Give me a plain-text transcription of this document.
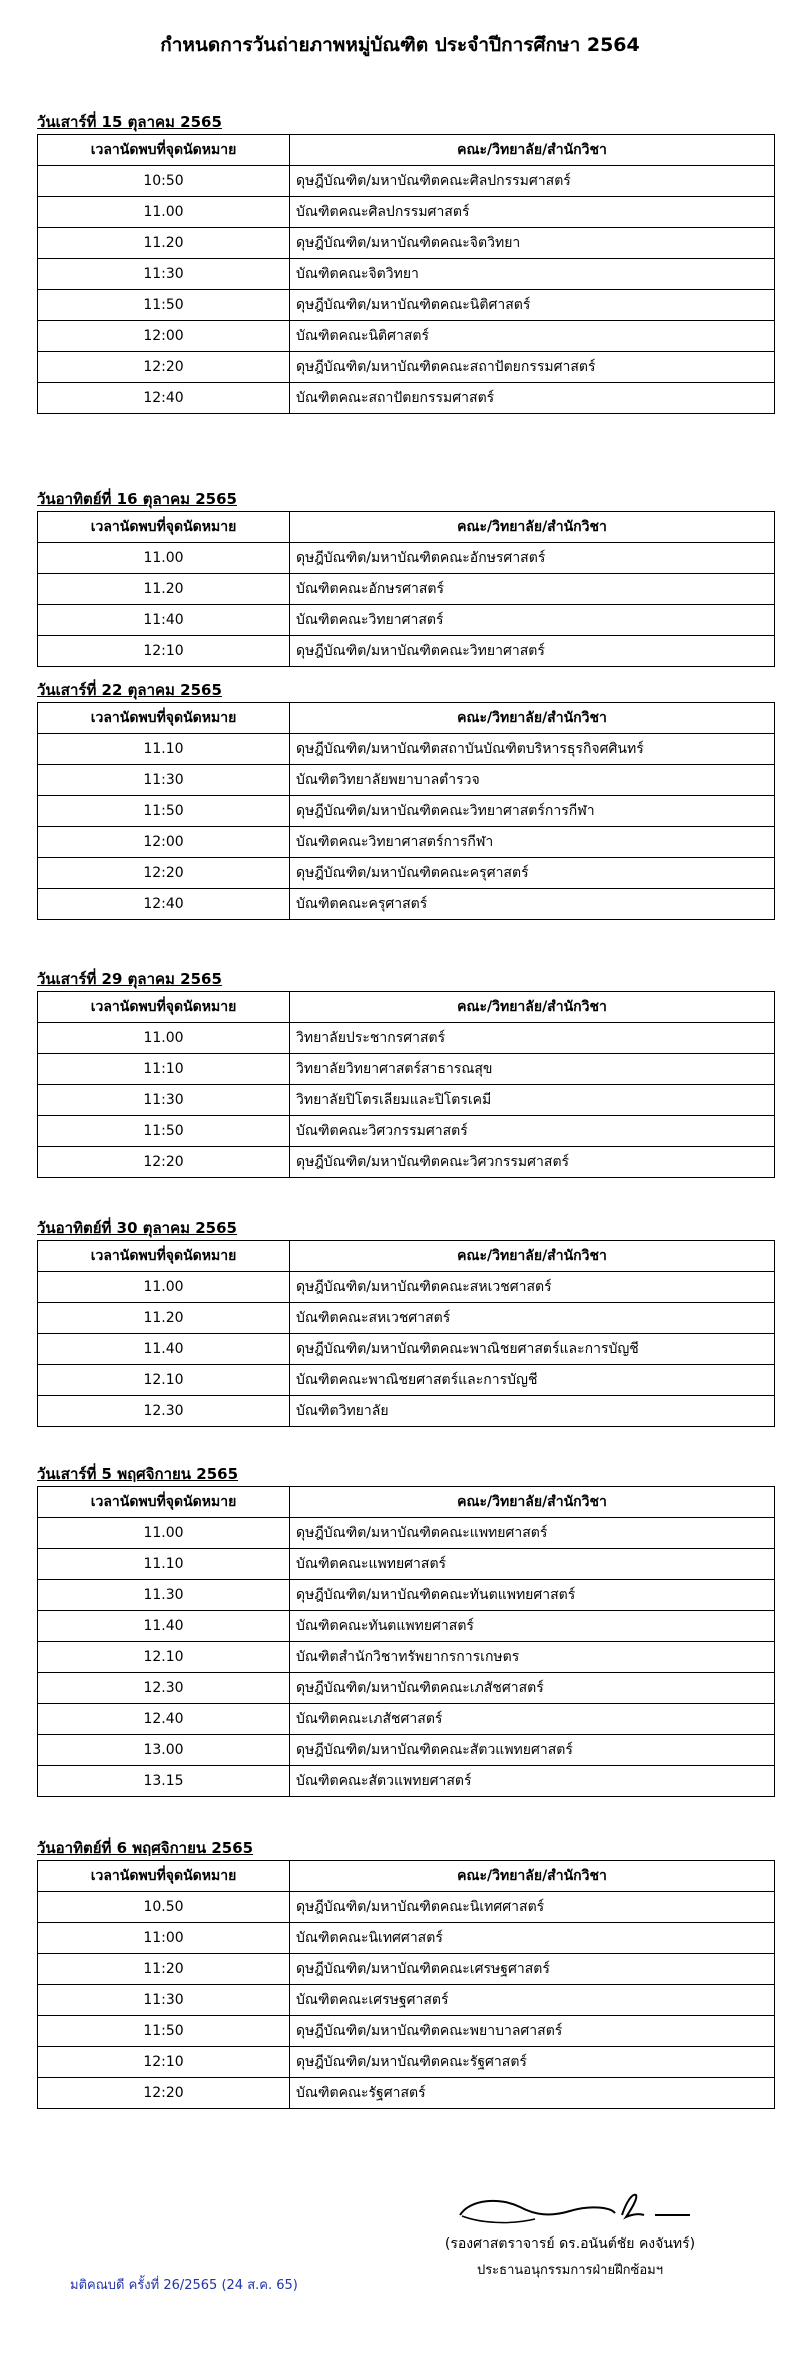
กำหนดการวันถ่ายภาพหมู่บัณฑิต ประจำปีการศึกษา 2564
วันเสาร์ที่ 15 ตุลาคม 2565
เวลานัดพบที่จุดนัดหมาย	คณะ/วิทยาลัย/สำนักวิชา
10:50	ดุษฎีบัณฑิต/มหาบัณฑิตคณะศิลปกรรมศาสตร์
11.00	บัณฑิตคณะศิลปกรรมศาสตร์
11.20	ดุษฎีบัณฑิต/มหาบัณฑิตคณะจิตวิทยา
11:30	บัณฑิตคณะจิตวิทยา
11:50	ดุษฎีบัณฑิต/มหาบัณฑิตคณะนิติศาสตร์
12:00	บัณฑิตคณะนิติศาสตร์
12:20	ดุษฎีบัณฑิต/มหาบัณฑิตคณะสถาปัตยกรรมศาสตร์
12:40	บัณฑิตคณะสถาปัตยกรรมศาสตร์
วันอาทิตย์ที่ 16 ตุลาคม 2565
เวลานัดพบที่จุดนัดหมาย	คณะ/วิทยาลัย/สำนักวิชา
11.00	ดุษฎีบัณฑิต/มหาบัณฑิตคณะอักษรศาสตร์
11.20	บัณฑิตคณะอักษรศาสตร์
11:40	บัณฑิตคณะวิทยาศาสตร์
12:10	ดุษฎีบัณฑิต/มหาบัณฑิตคณะวิทยาศาสตร์
วันเสาร์ที่ 22 ตุลาคม 2565
เวลานัดพบที่จุดนัดหมาย	คณะ/วิทยาลัย/สำนักวิชา
11.10	ดุษฎีบัณฑิต/มหาบัณฑิตสถาบันบัณฑิตบริหารธุรกิจศศินทร์
11:30	บัณฑิตวิทยาลัยพยาบาลตำรวจ
11:50	ดุษฎีบัณฑิต/มหาบัณฑิตคณะวิทยาศาสตร์การกีฬา
12:00	บัณฑิตคณะวิทยาศาสตร์การกีฬา
12:20	ดุษฎีบัณฑิต/มหาบัณฑิตคณะครุศาสตร์
12:40	บัณฑิตคณะครุศาสตร์
วันเสาร์ที่ 29 ตุลาคม 2565
เวลานัดพบที่จุดนัดหมาย	คณะ/วิทยาลัย/สำนักวิชา
11.00	วิทยาลัยประชากรศาสตร์
11:10	วิทยาลัยวิทยาศาสตร์สาธารณสุข
11:30	วิทยาลัยปิโตรเลียมและปิโตรเคมี
11:50	บัณฑิตคณะวิศวกรรมศาสตร์
12:20	ดุษฎีบัณฑิต/มหาบัณฑิตคณะวิศวกรรมศาสตร์
วันอาทิตย์ที่ 30 ตุลาคม 2565
เวลานัดพบที่จุดนัดหมาย	คณะ/วิทยาลัย/สำนักวิชา
11.00	ดุษฎีบัณฑิต/มหาบัณฑิตคณะสหเวชศาสตร์
11.20	บัณฑิตคณะสหเวชศาสตร์
11.40	ดุษฎีบัณฑิต/มหาบัณฑิตคณะพาณิชยศาสตร์และการบัญชี
12.10	บัณฑิตคณะพาณิชยศาสตร์และการบัญชี
12.30	บัณฑิตวิทยาลัย
วันเสาร์ที่ 5 พฤศจิกายน 2565
เวลานัดพบที่จุดนัดหมาย	คณะ/วิทยาลัย/สำนักวิชา
11.00	ดุษฎีบัณฑิต/มหาบัณฑิตคณะแพทยศาสตร์
11.10	บัณฑิตคณะแพทยศาสตร์
11.30	ดุษฎีบัณฑิต/มหาบัณฑิตคณะทันตแพทยศาสตร์
11.40	บัณฑิตคณะทันตแพทยศาสตร์
12.10	บัณฑิตสำนักวิชาทรัพยากรการเกษตร
12.30	ดุษฎีบัณฑิต/มหาบัณฑิตคณะเภสัชศาสตร์
12.40	บัณฑิตคณะเภสัชศาสตร์
13.00	ดุษฎีบัณฑิต/มหาบัณฑิตคณะสัตวแพทยศาสตร์
13.15	บัณฑิตคณะสัตวแพทยศาสตร์
วันอาทิตย์ที่ 6 พฤศจิกายน 2565
เวลานัดพบที่จุดนัดหมาย	คณะ/วิทยาลัย/สำนักวิชา
10.50	ดุษฎีบัณฑิต/มหาบัณฑิตคณะนิเทศศาสตร์
11:00	บัณฑิตคณะนิเทศศาสตร์
11:20	ดุษฎีบัณฑิต/มหาบัณฑิตคณะเศรษฐศาสตร์
11:30	บัณฑิตคณะเศรษฐศาสตร์
11:50	ดุษฎีบัณฑิต/มหาบัณฑิตคณะพยาบาลศาสตร์
12:10	ดุษฎีบัณฑิต/มหาบัณฑิตคณะรัฐศาสตร์
12:20	บัณฑิตคณะรัฐศาสตร์
(รองศาสตราจารย์ ดร.อนันต์ชัย คงจันทร์)
ประธานอนุกรรมการฝ่ายฝึกซ้อมฯ
มติคณบดี ครั้งที่ 26/2565 (24 ส.ค. 65)
